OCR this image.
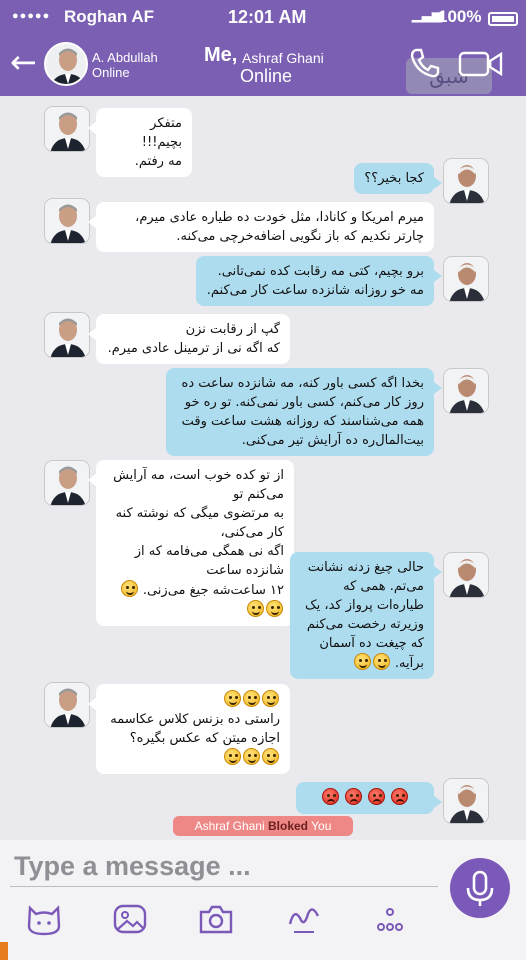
●●●●● Roghan AF	12:01 AM	▁▃▅
100%
←	A. Abdullah
Online
Me, Ashraf Ghani
Online	شبق
متفکر بچیم!!!
مه رفتم.
کجا بخیر؟؟
میرم امریکا و کانادا، مثل خودت ده طیاره عادی میرم،
چارتر نکدیم که باز نگویی اضافه‌خرچی می‌کنه.
برو بچیم، کتی مه رقابت کده نمی‌تانی.
مه خو روزانه شانزده ساعت کار می‌کنم.
گپ از رقابت نزن
که اگه نی از ترمینل عادی میرم.
بخدا اگه کسی باور کنه، مه شانزده ساعت ده
روز کار می‌کنم، کسی باور نمی‌کنه. تو ره خو
همه می‌شناسند که روزانه هشت ساعت وقت
بیت‌المال‌ره ده آرایش تیر می‌کنی.
از تو کده خوب است، مه آرایش می‌کنم تو
به مرتضوی میگی که نوشته کنه کار می‌کنی،
اگه نی همگی می‌فامه که از شانزده ساعت
۱۲ ساعت‌شه جیغ می‌زنی.
حالی چیغ زدنه نشانت
می‌تم. همی که
طیاره‌ات پرواز کد، یک
وزیرته رخصت می‌کنم
که چیغت ده آسمان
برآیه.
راستی ده بزنس کلاس عکاسمه
اجازه میتن که عکس بگیره؟

Ashraf Ghani Bloked You
Type a message ...
